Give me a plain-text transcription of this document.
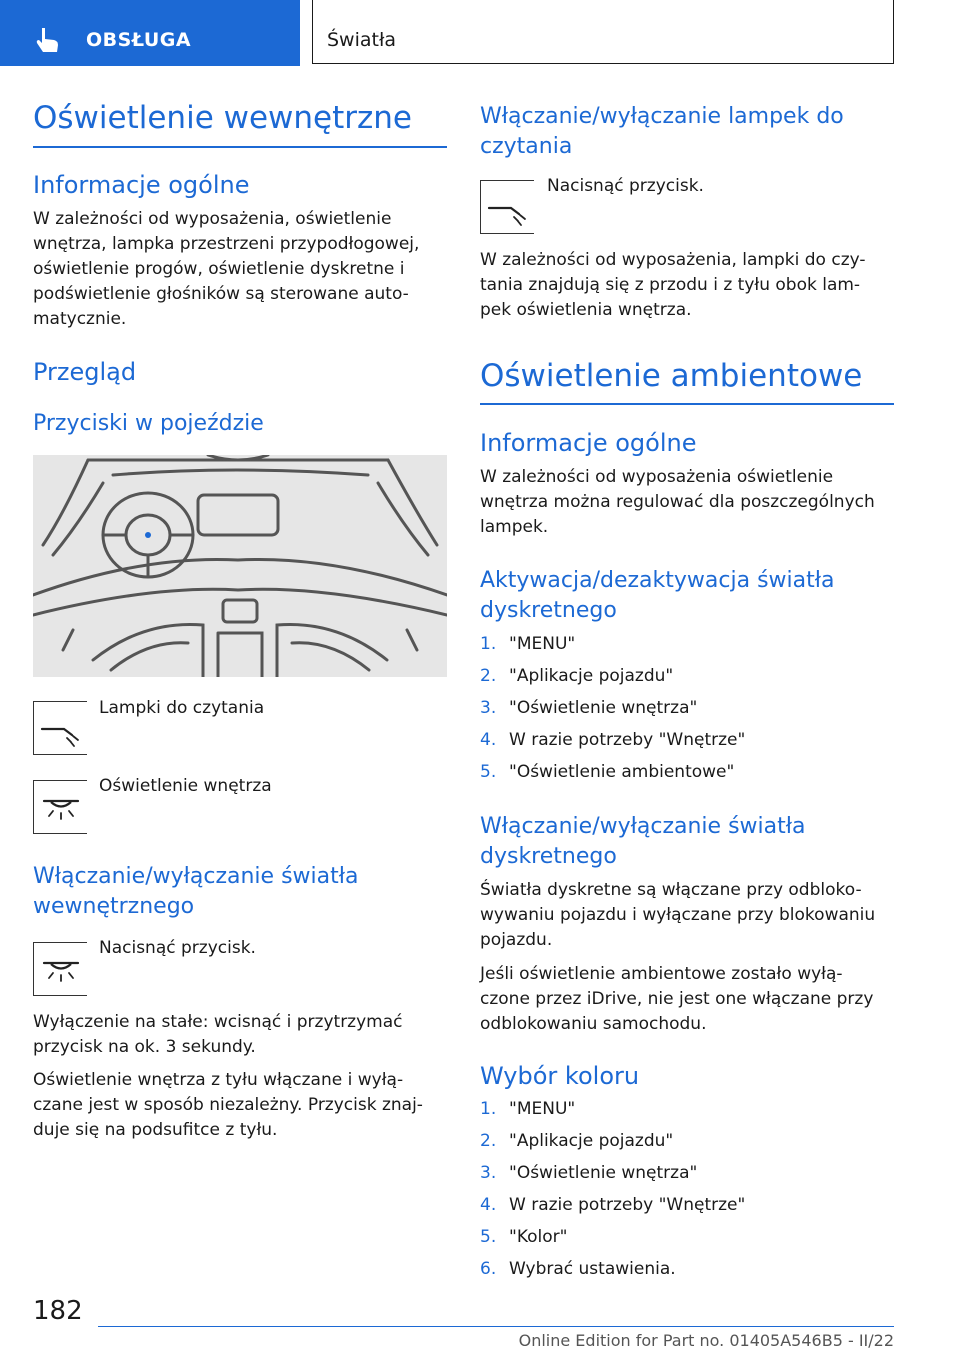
OBSŁUGA	Światła
Oświetlenie wewnętrzne
Informacje ogólne
W zależności od wyposażenia, oświetlenie
wnętrza, lampka przestrzeni przypodłogowej,
oświetlenie progów, oświetlenie dyskretne i
podświetlenie głośników są sterowane auto-
matycznie.
Przegląd
Przyciski w pojeździe
Lampki do czytania
Oświetlenie wnętrza
Włączanie/wyłączanie światła
wewnętrznego
Nacisnąć przycisk.
Wyłączenie na stałe: wcisnąć i przytrzymać
przycisk na ok. 3 sekundy.
Oświetlenie wnętrza z tyłu włączane i wyłą-
czane jest w sposób niezależny. Przycisk znaj-
duje się na podsufitce z tyłu.
Włączanie/wyłączanie lampek do
czytania
Nacisnąć przycisk.
W zależności od wyposażenia, lampki do czy-
tania znajdują się z przodu i z tyłu obok lam-
pek oświetlenia wnętrza.
Oświetlenie ambientowe
Informacje ogólne
W zależności od wyposażenia oświetlenie
wnętrza można regulować dla poszczególnych
lampek.
Aktywacja/dezaktywacja światła
dyskretnego
1. "MENU"
2. "Aplikacje pojazdu"
3. "Oświetlenie wnętrza"
4. W razie potrzeby "Wnętrze"
5. "Oświetlenie ambientowe"
Włączanie/wyłączanie światła
dyskretnego
Światła dyskretne są włączane przy odbloko-
wywaniu pojazdu i wyłączane przy blokowaniu
pojazdu.
Jeśli oświetlenie ambientowe zostało wyłą-
czone przez iDrive, nie jest one włączane przy
odblokowaniu samochodu.
Wybór koloru
1. "MENU"
2. "Aplikacje pojazdu"
3. "Oświetlenie wnętrza"
4. W razie potrzeby "Wnętrze"
5. "Kolor"
6. Wybrać ustawienia.
182
Online Edition for Part no. 01405A546B5 - II/22
